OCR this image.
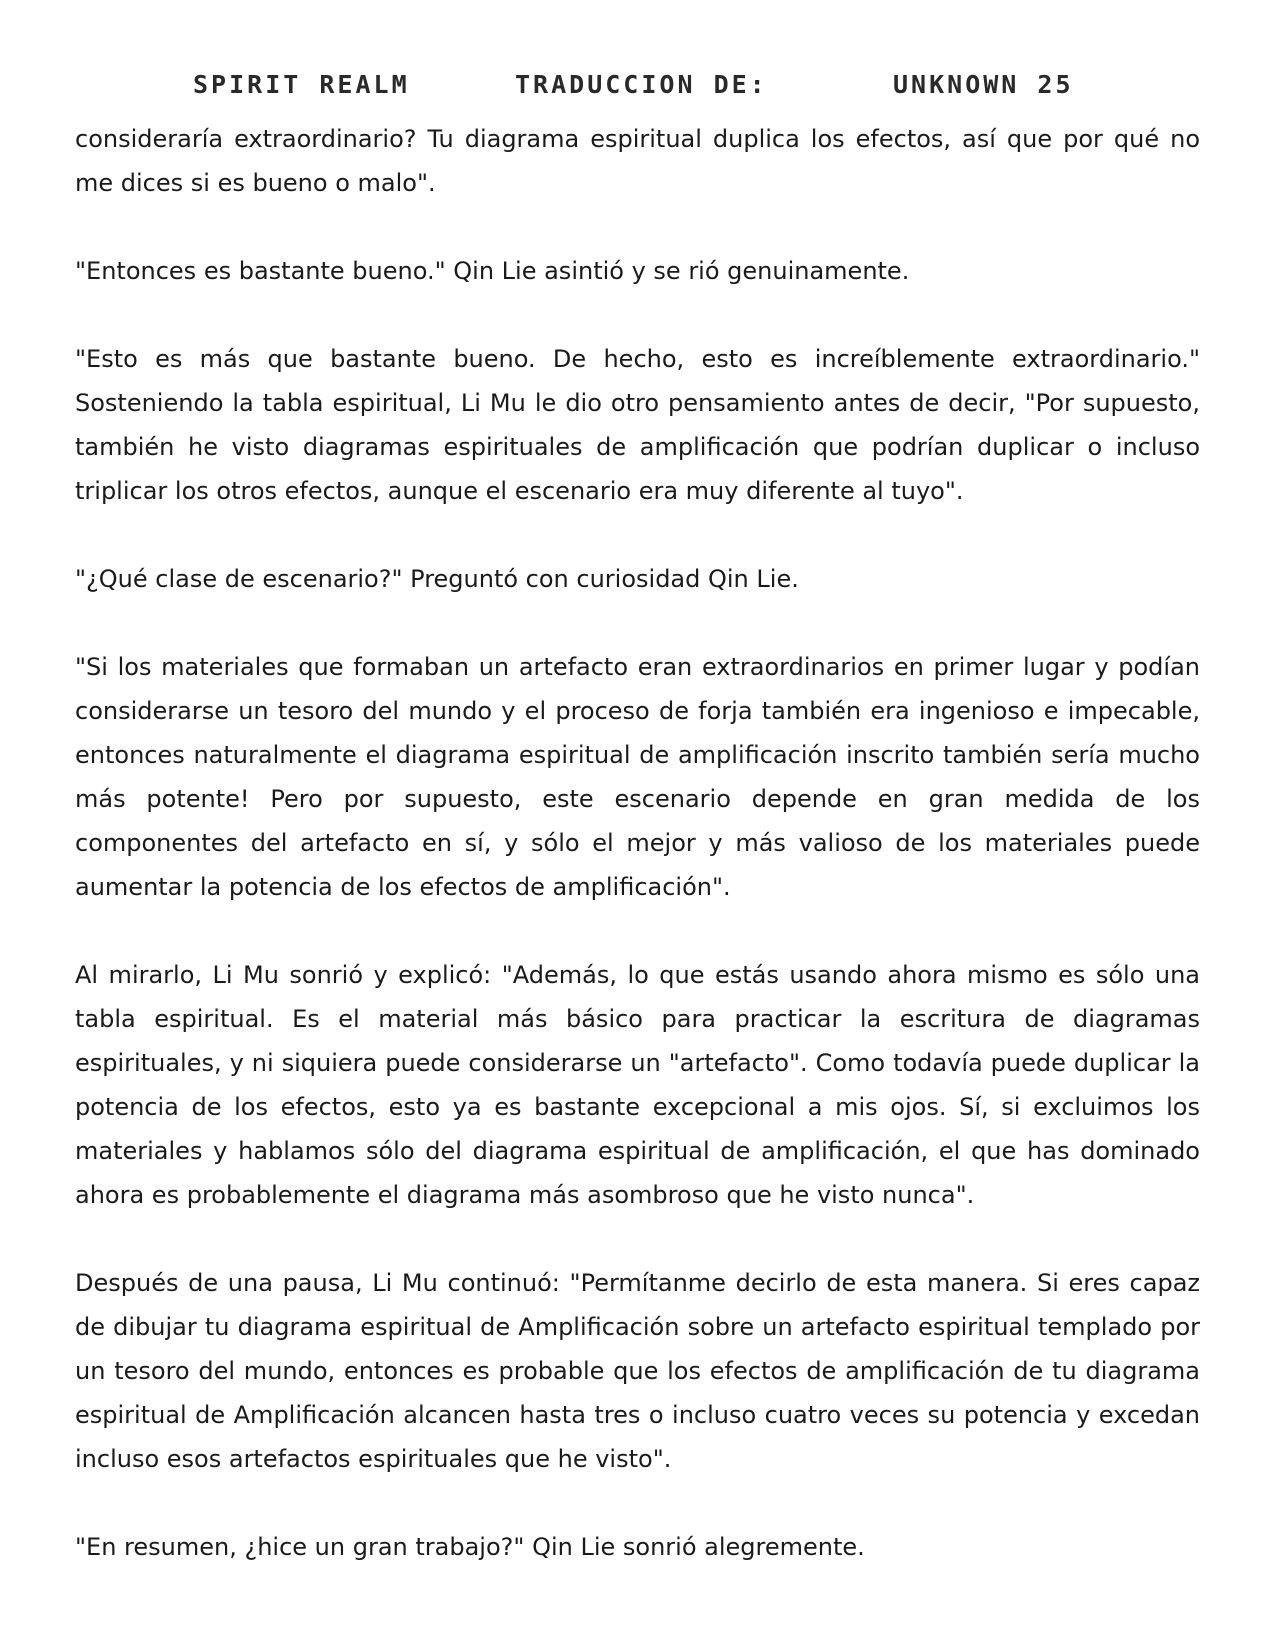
SPIRIT REALM	TRADUCCION DE:	UNKNOWN 25

consideraría extraordinario? Tu diagrama espiritual duplica los efectos, así que por qué no me dices si es bueno o malo".

"Entonces es bastante bueno." Qin Lie asintió y se rió genuinamente.

"Esto es más que bastante bueno. De hecho, esto es increíblemente extraordinario." Sosteniendo la tabla espiritual, Li Mu le dio otro pensamiento antes de decir, "Por supuesto, también he visto diagramas espirituales de amplificación que podrían duplicar o incluso triplicar los otros efectos, aunque el escenario era muy diferente al tuyo".

"¿Qué clase de escenario?" Preguntó con curiosidad Qin Lie.

"Si los materiales que formaban un artefacto eran extraordinarios en primer lugar y podían considerarse un tesoro del mundo y el proceso de forja también era ingenioso e impecable, entonces naturalmente el diagrama espiritual de amplificación inscrito también sería mucho más potente! Pero por supuesto, este escenario depende en gran medida de los componentes del artefacto en sí, y sólo el mejor y más valioso de los materiales puede aumentar la potencia de los efectos de amplificación".

Al mirarlo, Li Mu sonrió y explicó: "Además, lo que estás usando ahora mismo es sólo una tabla espiritual. Es el material más básico para practicar la escritura de diagramas espirituales, y ni siquiera puede considerarse un "artefacto". Como todavía puede duplicar la potencia de los efectos, esto ya es bastante excepcional a mis ojos. Sí, si excluimos los materiales y hablamos sólo del diagrama espiritual de amplificación, el que has dominado ahora es probablemente el diagrama más asombroso que he visto nunca".

Después de una pausa, Li Mu continuó: "Permítanme decirlo de esta manera. Si eres capaz de dibujar tu diagrama espiritual de Amplificación sobre un artefacto espiritual templado por un tesoro del mundo, entonces es probable que los efectos de amplificación de tu diagrama espiritual de Amplificación alcancen hasta tres o incluso cuatro veces su potencia y excedan incluso esos artefactos espirituales que he visto".

"En resumen, ¿hice un gran trabajo?" Qin Lie sonrió alegremente.
